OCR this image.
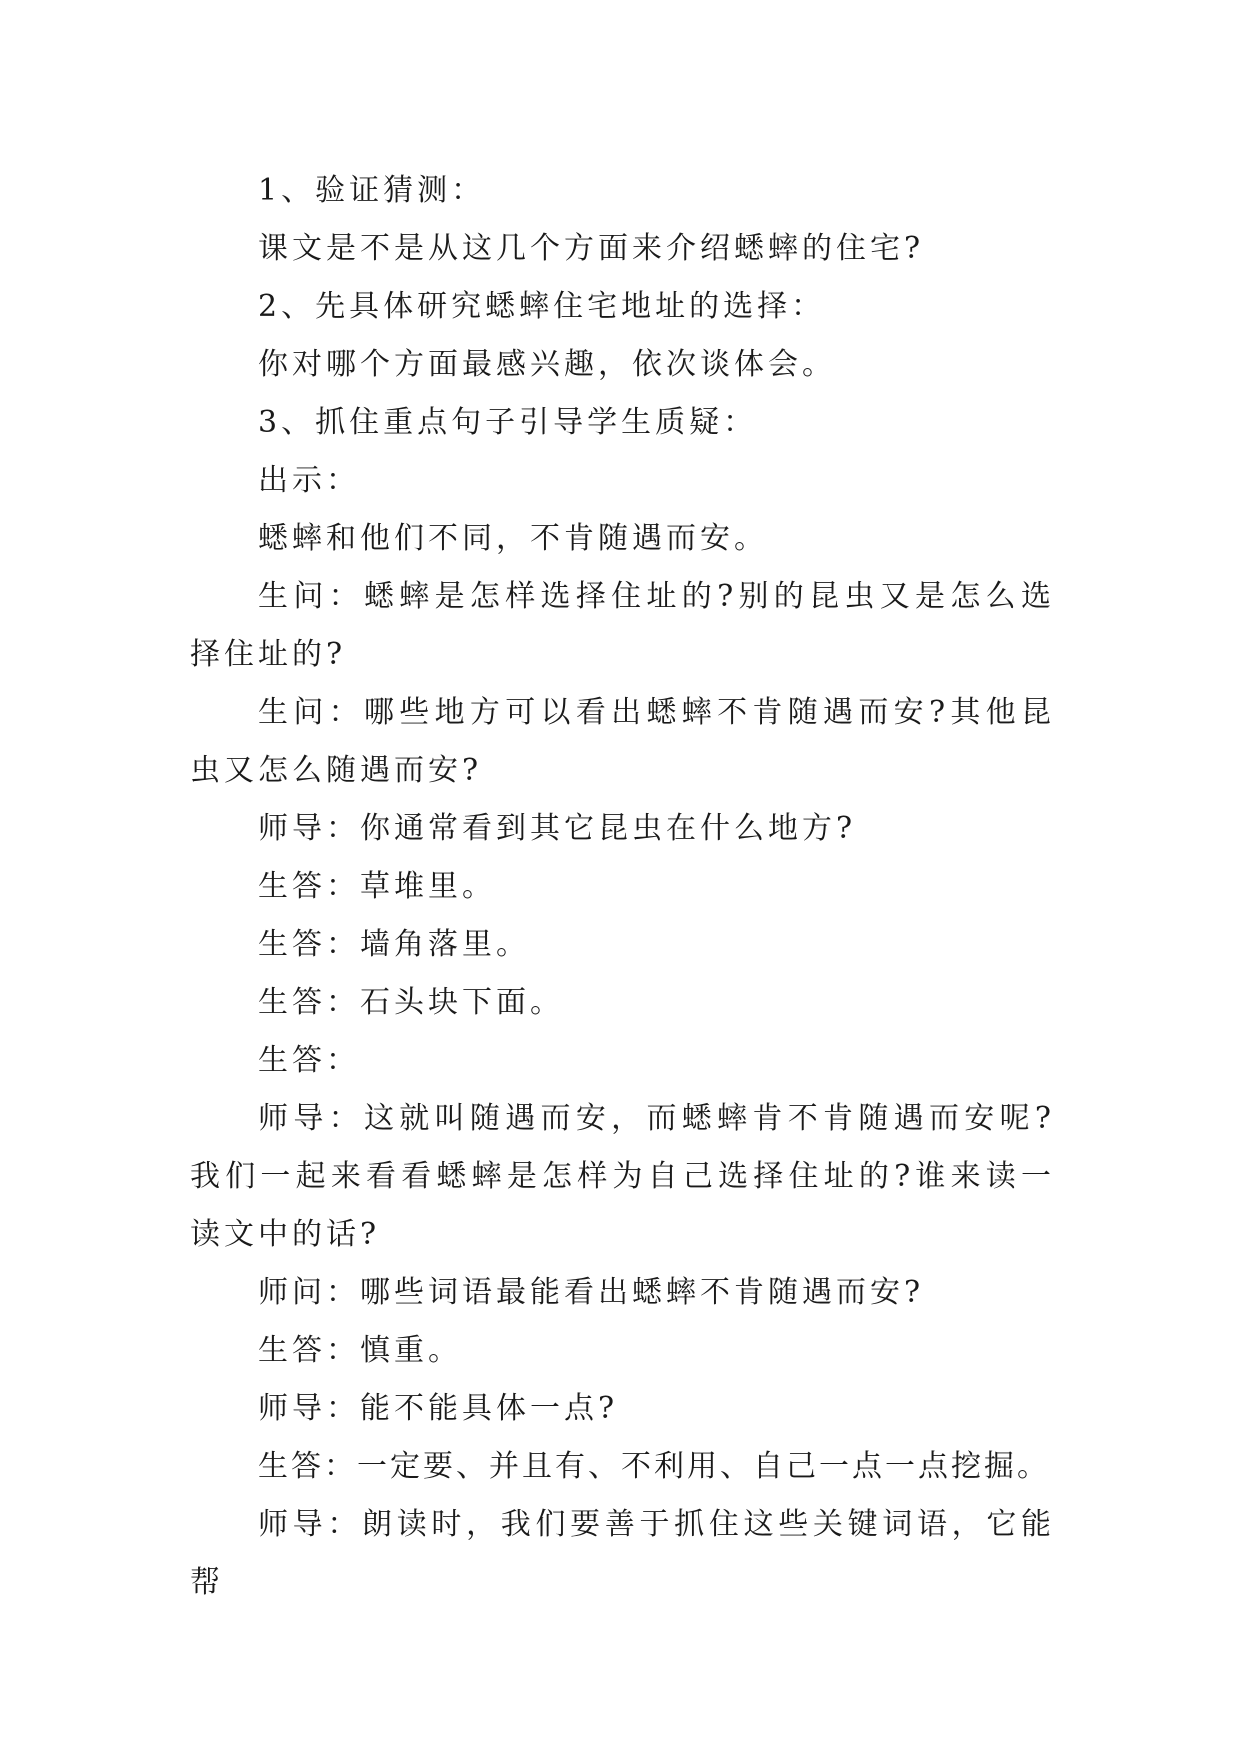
1、验证猜测：

课文是不是从这几个方面来介绍蟋蟀的住宅?

2、先具体研究蟋蟀住宅地址的选择：

你对哪个方面最感兴趣，依次谈体会。

3、抓住重点句子引导学生质疑：

出示：

蟋蟀和他们不同，不肯随遇而安。

生问：蟋蟀是怎样选择住址的?别的昆虫又是怎么选择住址的?

生问：哪些地方可以看出蟋蟀不肯随遇而安?其他昆虫又怎么随遇而安?

师导：你通常看到其它昆虫在什么地方?

生答：草堆里。

生答：墙角落里。

生答：石头块下面。

生答：

师导：这就叫随遇而安，而蟋蟀肯不肯随遇而安呢?我们一起来看看蟋蟀是怎样为自己选择住址的?谁来读一读文中的话?

师问：哪些词语最能看出蟋蟀不肯随遇而安?

生答：慎重。

师导：能不能具体一点?

生答：一定要、并且有、不利用、自己一点一点挖掘。

师导：朗读时，我们要善于抓住这些关键词语，它能帮
